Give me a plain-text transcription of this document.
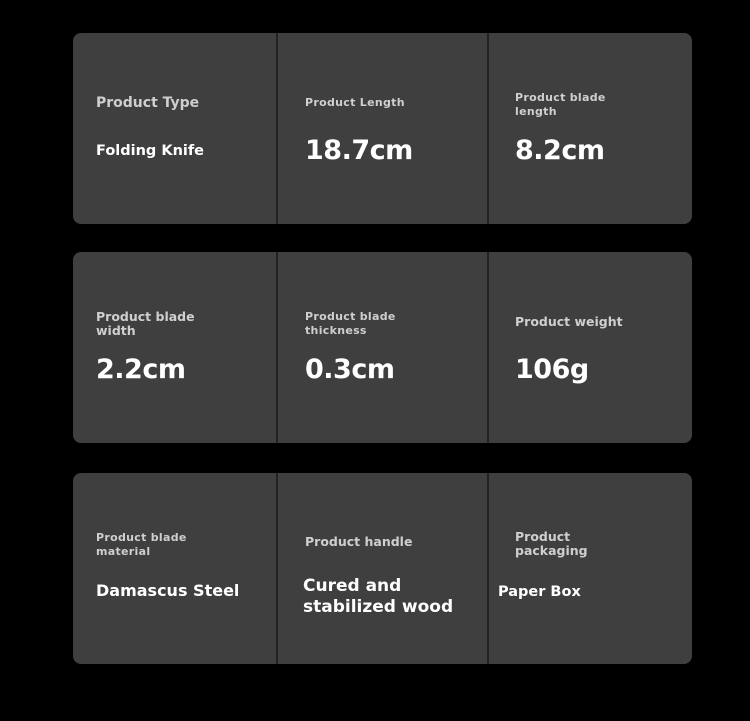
Product Type
Folding Knife
Product Length
18.7cm
Product blade
length
8.2cm
Product blade
width
2.2cm
Product blade
thickness
0.3cm
Product weight
106g
Product blade
material
Damascus Steel
Product handle
Cured and
stabilized wood
Product
packaging
Paper Box
